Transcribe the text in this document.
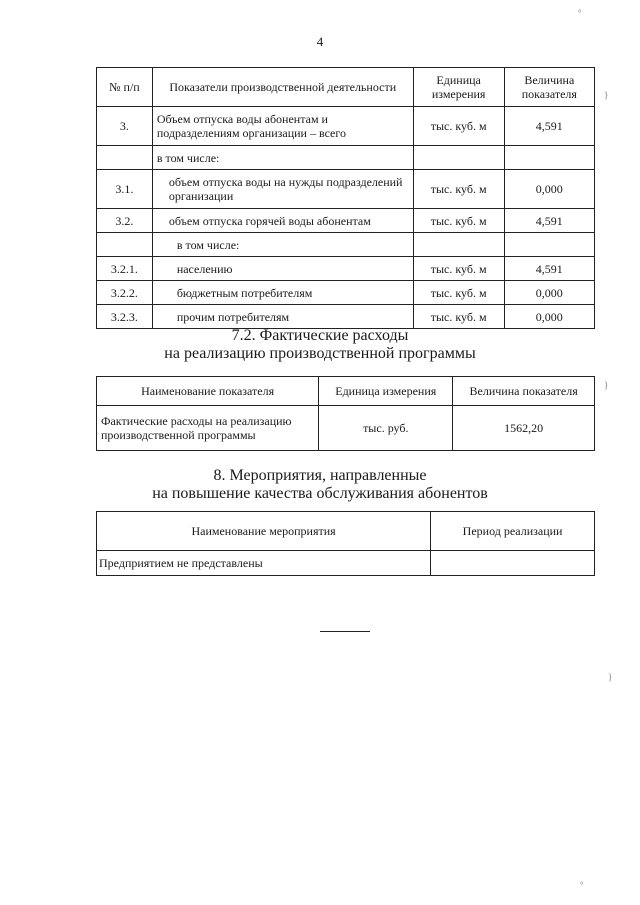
4
№ п/п	Показатели производственной деятельности	Единица измерения	Величина показателя
3.	Объем отпуска воды абонентам и подразделениям организации – всего	тыс. куб. м	4,591
	в том числе:		
3.1.	объем отпуска воды на нужды подразделений организации	тыс. куб. м	0,000
3.2.	объем отпуска горячей воды абонентам	тыс. куб. м	4,591
	в том числе:		
3.2.1.	населению	тыс. куб. м	4,591
3.2.2.	бюджетным потребителям	тыс. куб. м	0,000
3.2.3.	прочим потребителям	тыс. куб. м	0,000
7.2. Фактические расходы
на реализацию производственной программы
Наименование показателя	Единица измерения	Величина показателя
Фактические расходы на реализацию производственной программы	тыс. руб.	1562,20
8. Мероприятия, направленные
на повышение качества обслуживания абонентов
Наименование мероприятия	Период реализации
Предприятием не представлены	
°
}
}
}
°
